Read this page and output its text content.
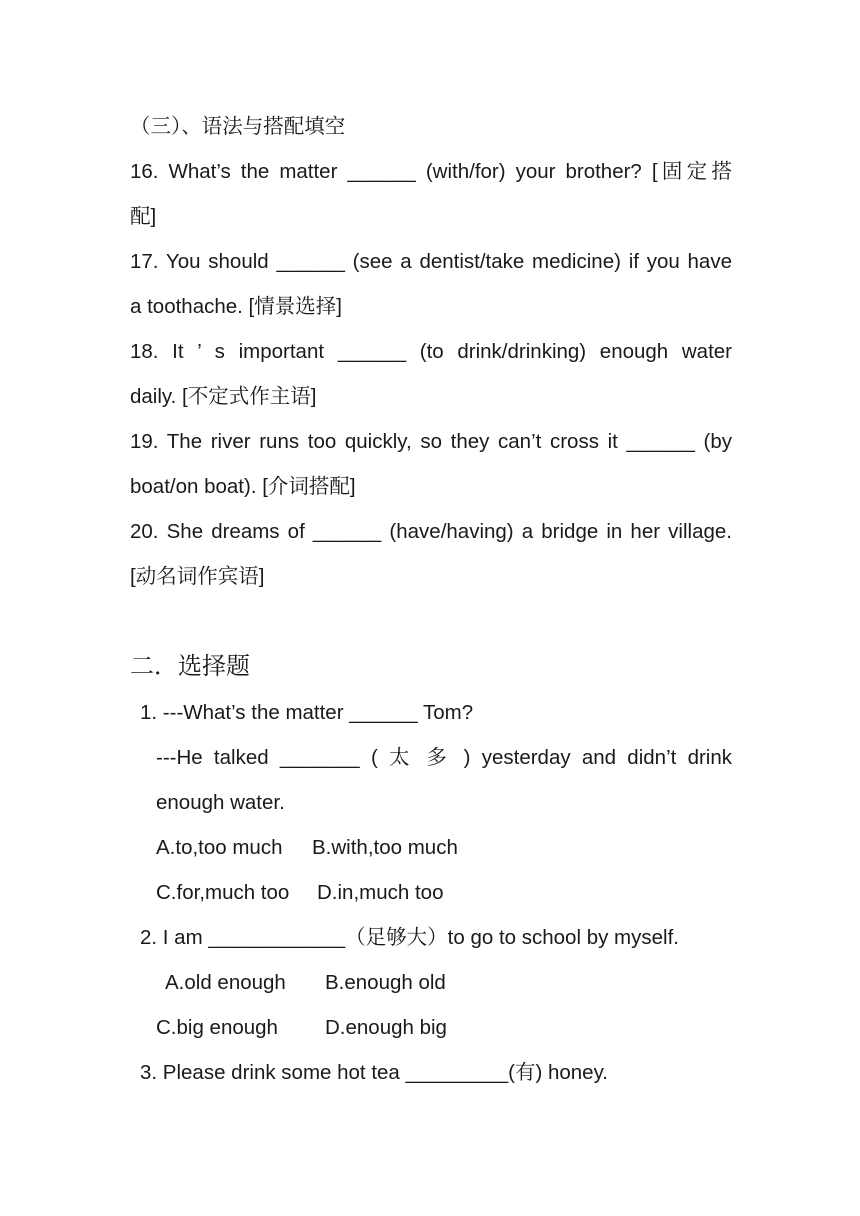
（三）、语法与搭配填空
16. What’s the matter ______ (with/for) your brother? [固定搭
配]
17. You should ______ (see a dentist/take medicine) if you have
a toothache. [情景选择]
18. It ’ s important ______ (to drink/drinking) enough water
daily. [不定式作主语]
19. The river runs too quickly, so they can’t cross it ______ (by
boat/on boat). [介词搭配]
20. She dreams of ______ (have/having) a bridge in her village.
[动名词作宾语]
二．选择题
1. ---What’s the matter ______ Tom?
---He talked _______ ( 太 多 ) yesterday and didn’t drink
enough water.
A.to,too much B.with,too much
C.for,much too D.in,much too
2. I am ____________（足够大）to go to school by myself.
A.old enough B.enough old
C.big enough D.enough big
3. Please drink some hot tea _________(有) honey.
